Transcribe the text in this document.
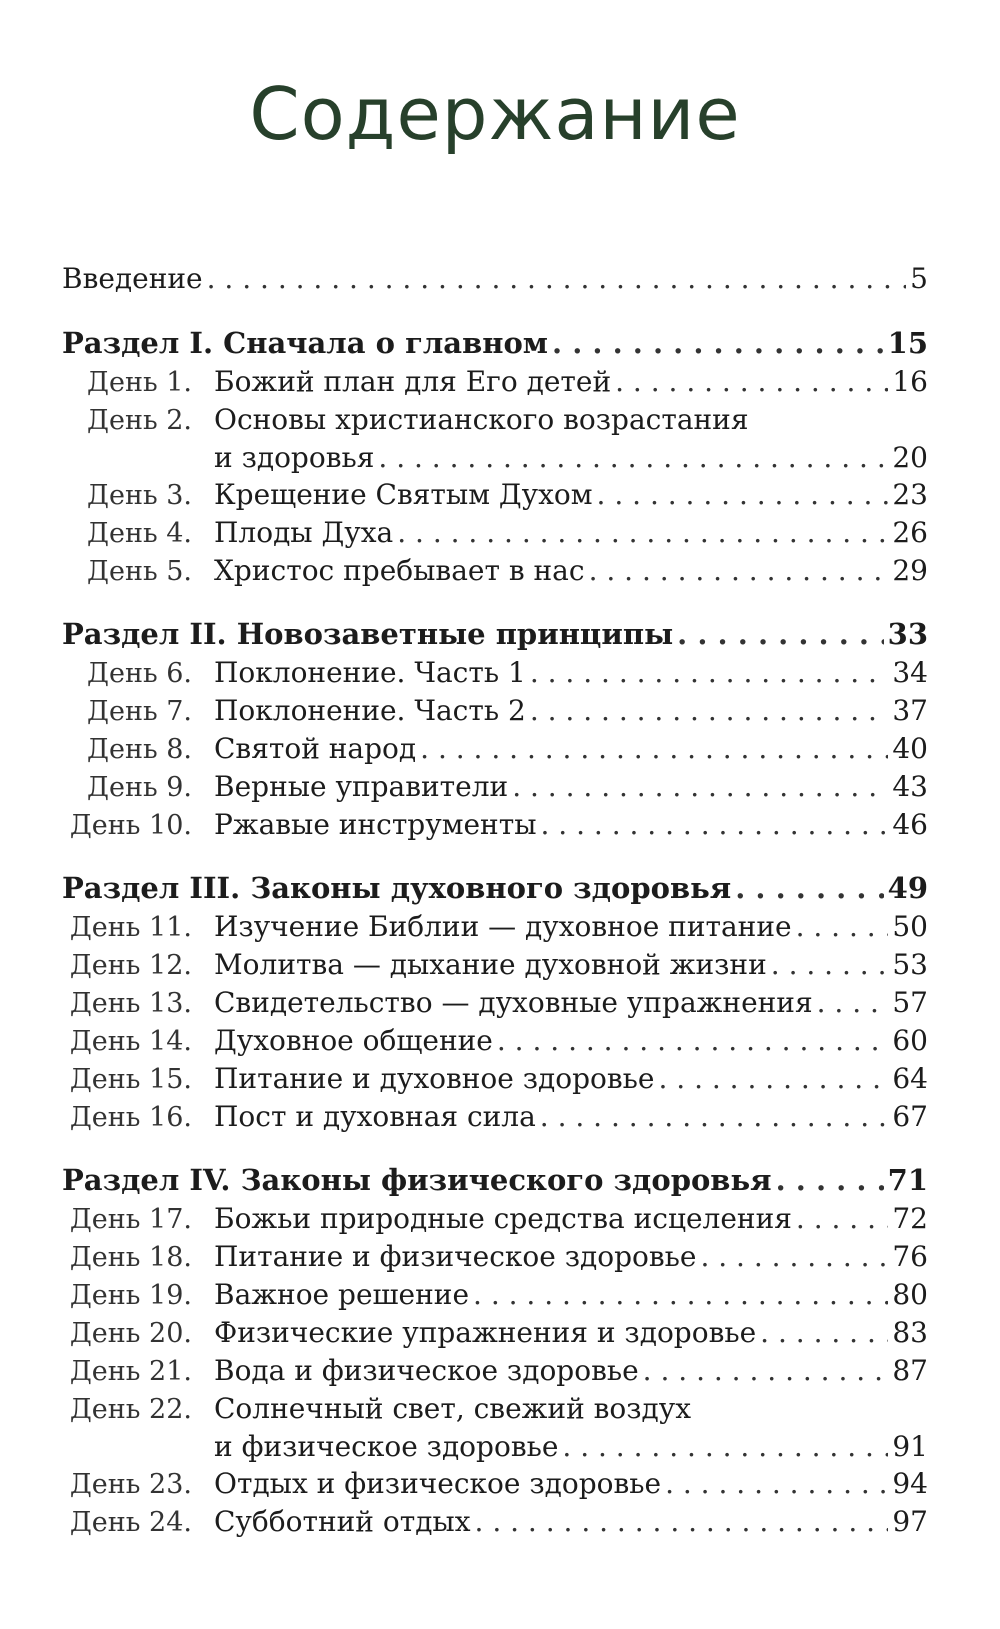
Содержание
Введение . . .	5
Раздел I. Сначала о главном . . .	15
День 1. Божий план для Его детей . . .	16
День 2. Основы христианского возрастания
и здоровья . . .	20
День 3. Крещение Святым Духом . . .	23
День 4. Плоды Духа . . .	26
День 5. Христос пребывает в нас . . .	29
Раздел II. Новозаветные принципы . . .	33
День 6. Поклонение. Часть 1 . . .	34
День 7. Поклонение. Часть 2 . . .	37
День 8. Святой народ . . .	40
День 9. Верные управители . . .	43
День 10. Ржавые инструменты . . .	46
Раздел III. Законы духовного здоровья . . .	49
День 11. Изучение Библии — духовное питание . . .	50
День 12. Молитва — дыхание духовной жизни . . .	53
День 13. Свидетельство — духовные упражнения . . .	57
День 14. Духовное общение . . .	60
День 15. Питание и духовное здоровье . . .	64
День 16. Пост и духовная сила . . .	67
Раздел IV. Законы физического здоровья . . .	71
День 17. Божьи природные средства исцеления . . .	72
День 18. Питание и физическое здоровье . . .	76
День 19. Важное решение . . .	80
День 20. Физические упражнения и здоровье . . .	83
День 21. Вода и физическое здоровье . . .	87
День 22. Солнечный свет, свежий воздух
и физическое здоровье . . .	91
День 23. Отдых и физическое здоровье . . .	94
День 24. Субботний отдых . . .	97
